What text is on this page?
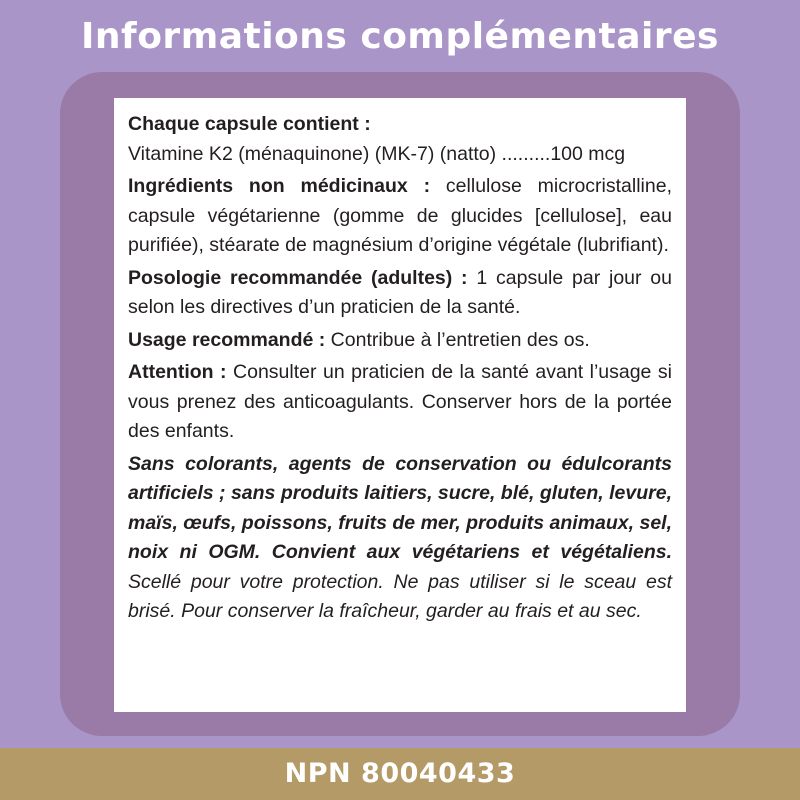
Informations complémentaires
Chaque capsule contient :
Vitamine K2 (ménaquinone) (MK-7) (natto) .........100 mcg
Ingrédients non médicinaux : cellulose microcristalline, capsule végétarienne (gomme de glucides [cellulose], eau purifiée), stéarate de magnésium d’origine végétale (lubrifiant).
Posologie recommandée (adultes) : 1 capsule par jour ou selon les directives d’un praticien de la santé.
Usage recommandé : Contribue à l’entretien des os.
Attention : Consulter un praticien de la santé avant l’usage si vous prenez des anticoagulants. Conserver hors de la portée des enfants.
Sans colorants, agents de conservation ou édulcorants artificiels ; sans produits laitiers, sucre, blé, gluten, levure, maïs, œufs, poissons, fruits de mer, produits animaux, sel, noix ni OGM. Convient aux végétariens et végétaliens. Scellé pour votre protection. Ne pas utiliser si le sceau est brisé. Pour conserver la fraîcheur, garder au frais et au sec.
NPN 80040433
